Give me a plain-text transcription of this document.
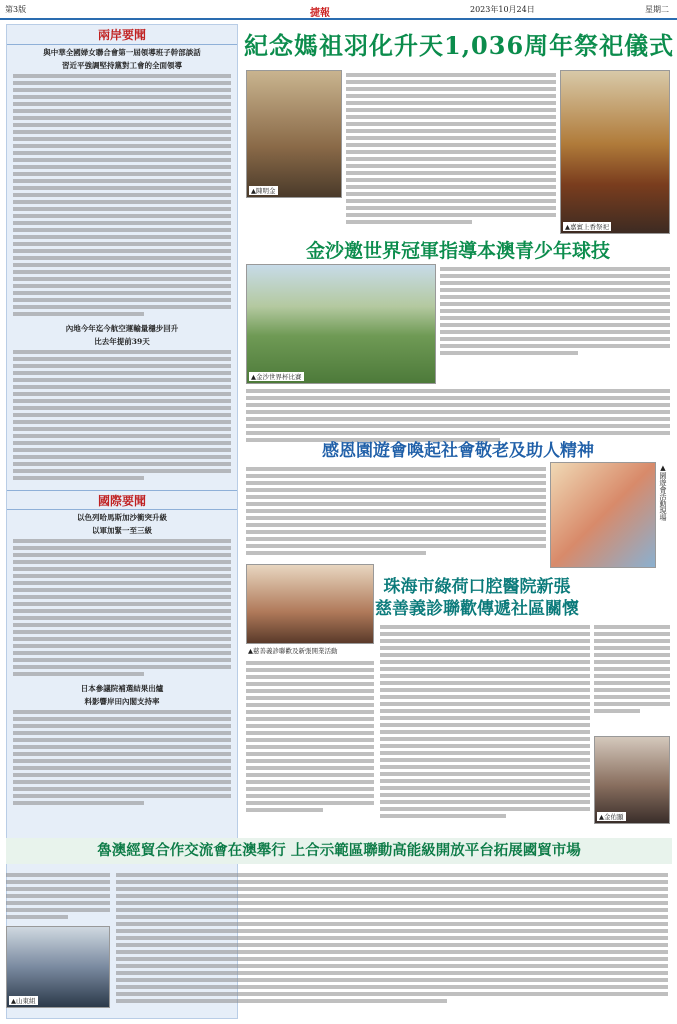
第3版	捷報	2023年10月24日	星期二
兩岸要聞
與中華全國婦女聯合會第一屆領導班子幹部談話
習近平強調堅持黨對工會的全面領導
內地今年迄今航空運輸量穩步回升
比去年提前39天
國際要聞
以色列哈馬斯加沙衝突升級
以軍加緊一至三級
日本參議院補選結果出爐
料影響岸田內閣支持率
紀念媽祖羽化升天1,036周年祭祀儀式
▲陳明金
▲嘉賓上香祭祀
金沙邀世界冠軍指導本澳青少年球技
▲金沙世界杯比賽
感恩園遊會喚起社會敬老及助人精神
▲園遊會活動現場
珠海市綠荷口腔醫院新張
慈善義診聯歡傳遞社區關懷
▲慈善義診聯歡及新張開業活動
▲金佑顯
魯澳經貿合作交流會在澳舉行 上合示範區聯動高能級開放平台拓展國貿市場
▲山東組
